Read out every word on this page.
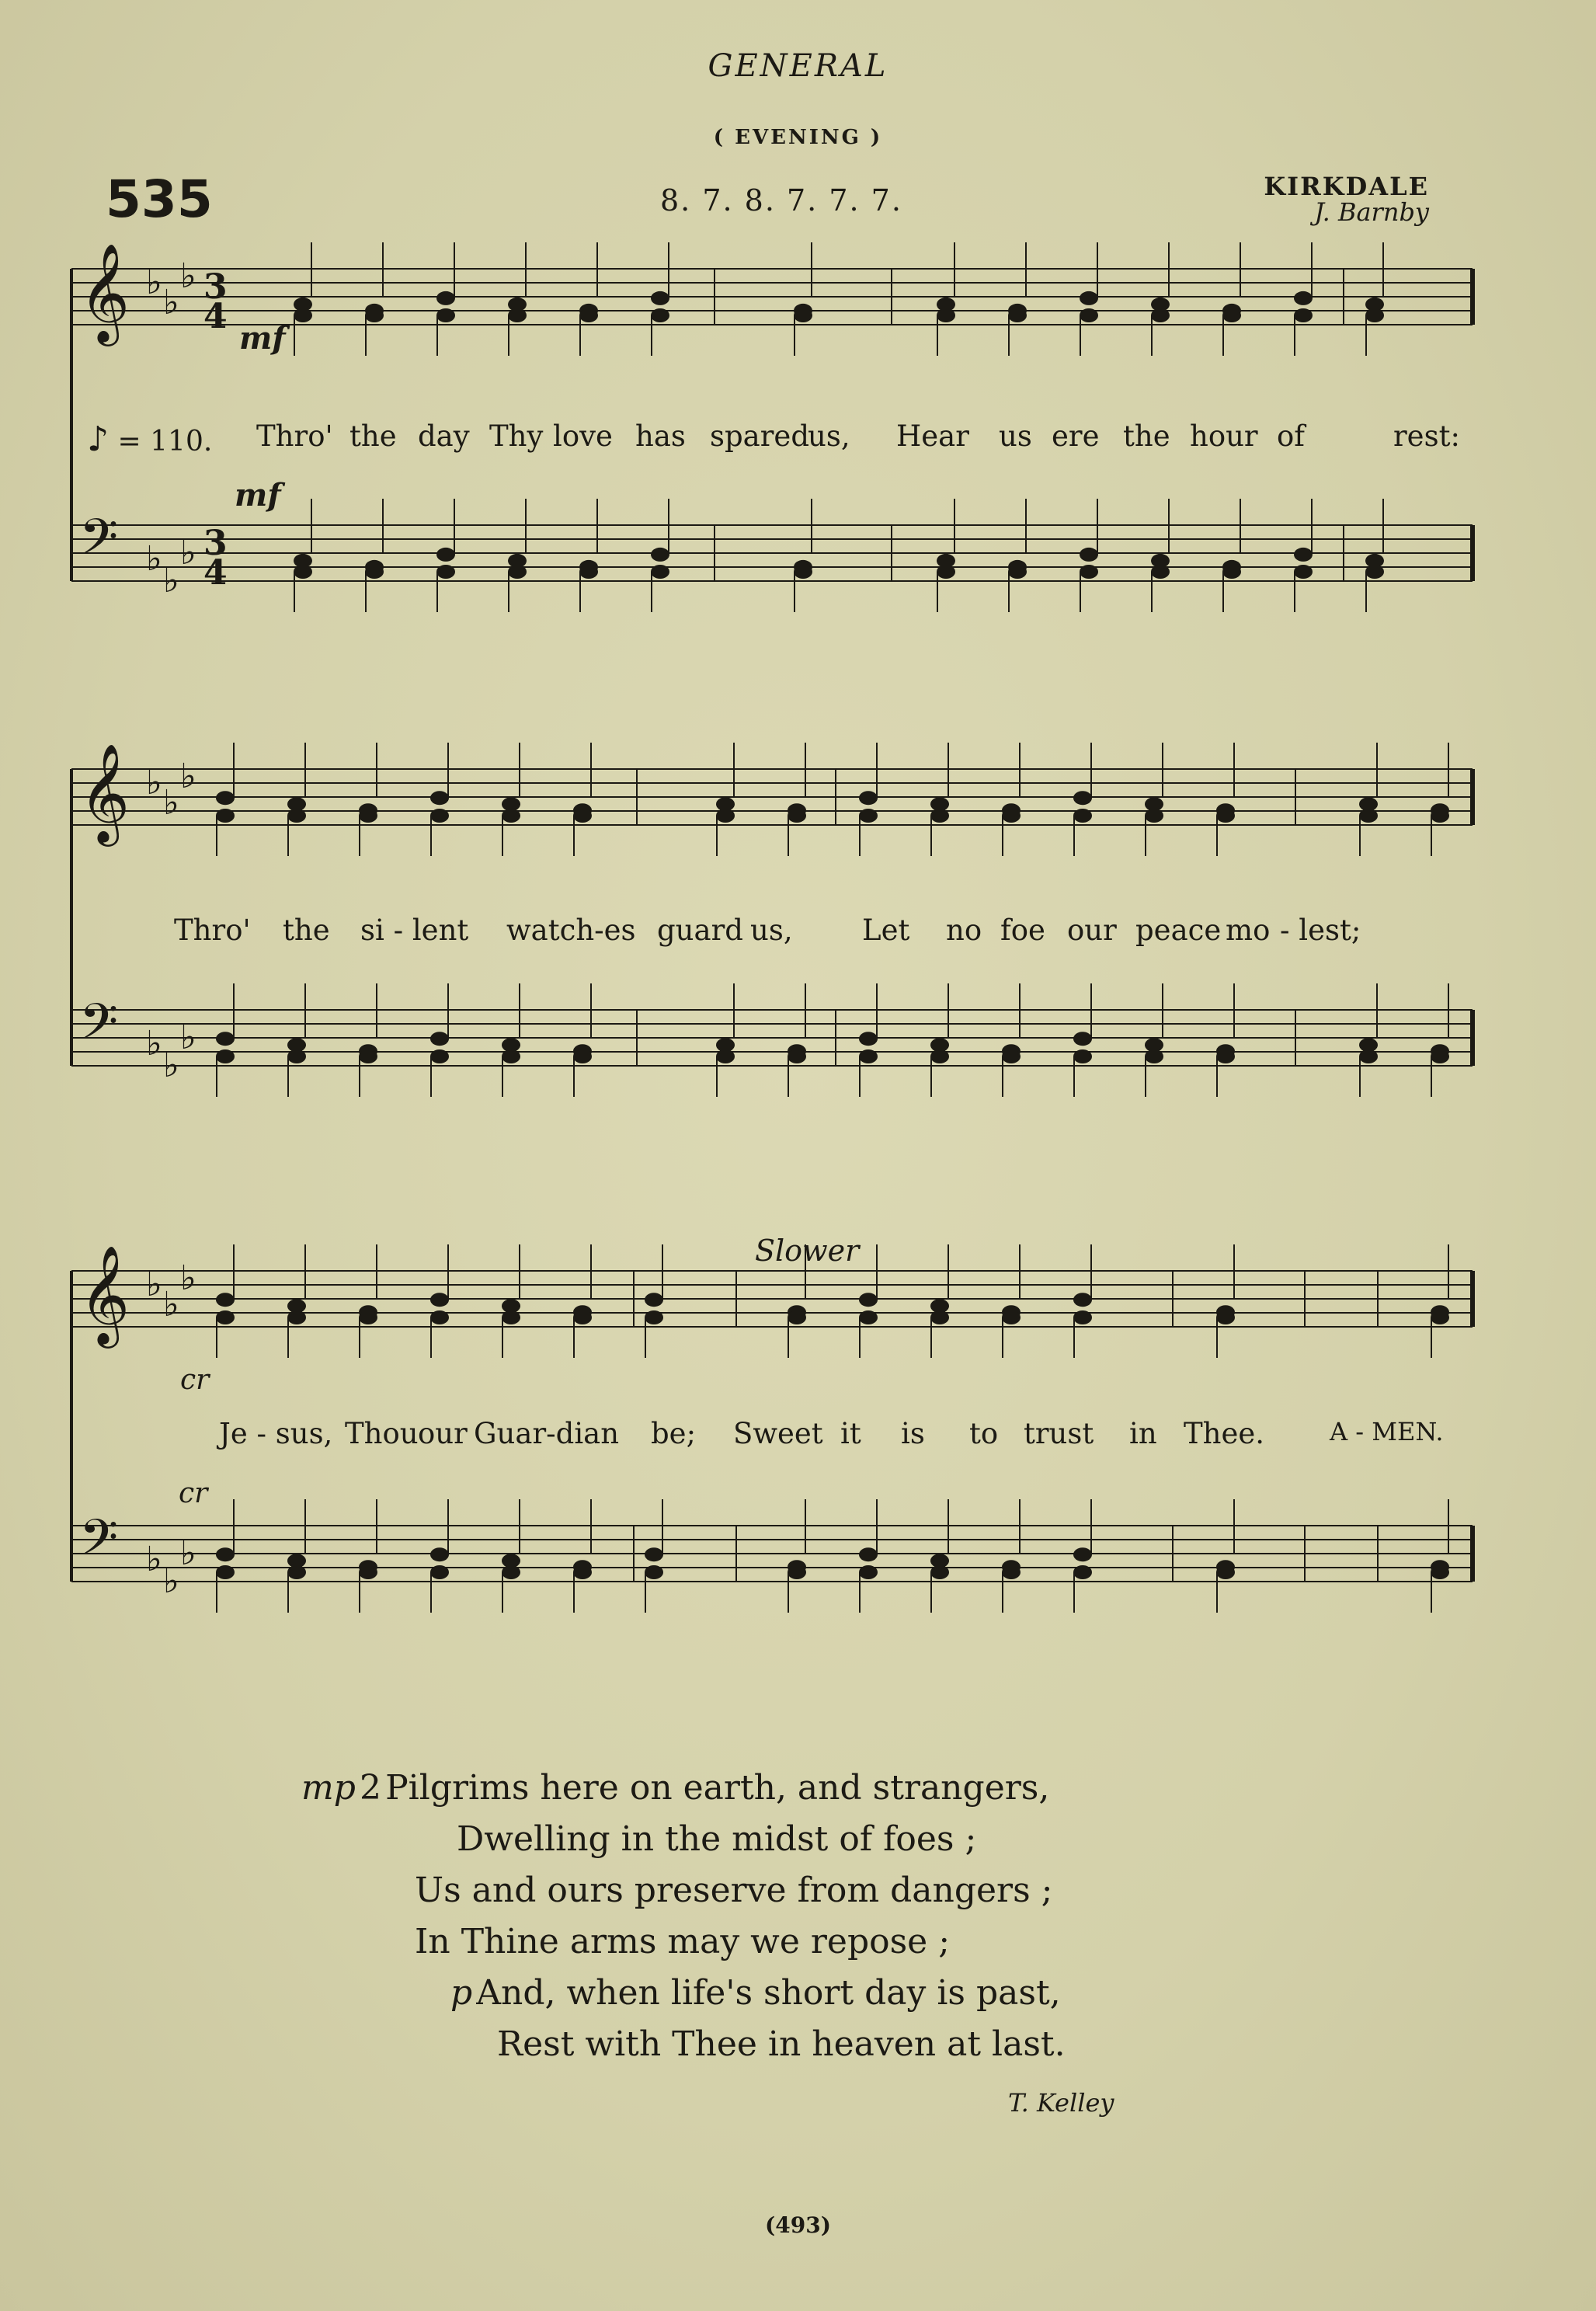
GENERAL
( EVENING )
535	8. 7. 8. 7. 7. 7.	KIRKDALE
J. Barnby
𝄞 ♭
♭
♭ 3
4
𝄢 ♭
♭
♭ 3
4
𝄞 ♭
♭
♭
𝄢 ♭
♭
♭
𝄞 ♭
♭
♭
𝄢 ♭
♭
♭
♪ = 110.
mf
mf
Thro' the day Thy love has spared
us, Hear us ere the hour of	rest:
Thro' the si - lent watch-es guard us, Let no foe our peace mo - lest;
cr
cr
Slower
Je - sus, Thou our Guar-dian be; Sweet it is to trust in Thee.	A - MEN.
mp 2 Pilgrims here on earth, and strangers,
Dwelling in the midst of foes ;
Us and ours preserve from dangers ;
In Thine arms may we repose ;
p And, when life's short day is past,
Rest with Thee in heaven at last.
T. Kelley
(493)
